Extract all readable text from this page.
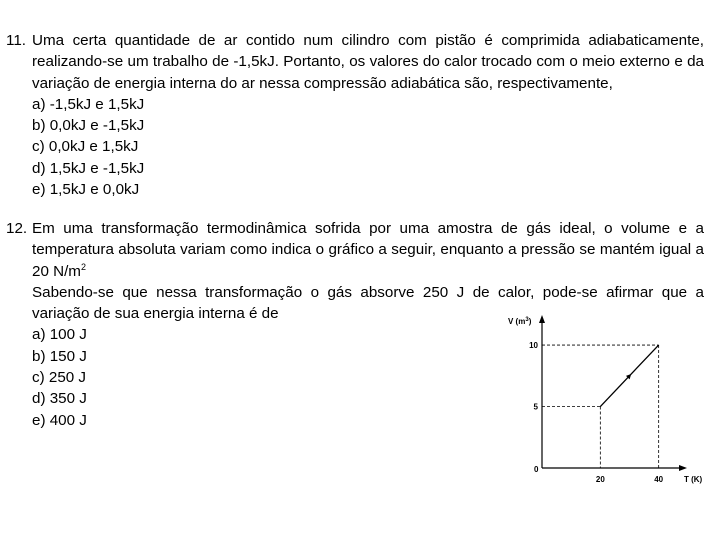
11. Uma certa quantidade de ar contido num cilindro com pistão é comprimida adiabaticamente, realizando-se um trabalho de -1,5kJ. Portanto, os valores do calor trocado com o meio externo e da variação de energia interna do ar nessa compressão adiabática são, respectivamente,
a) -1,5kJ e 1,5kJ
b) 0,0kJ e -1,5kJ
c) 0,0kJ e 1,5kJ
d) 1,5kJ e -1,5kJ
e) 1,5kJ e 0,0kJ
12. Em uma transformação termodinâmica sofrida por uma amostra de gás ideal, o volume e a temperatura absoluta variam como indica o gráfico a seguir, enquanto a pressão se mantém igual a 20 $N/m^2$
Sabendo-se que nessa transformação o gás absorve 250 J de calor, pode-se afirmar que a variação de sua energia interna é de
a) 100 J
b) 150 J
c) 250 J
d) 350 J
e) 400 J
V $(m^3)$
T (K)
0
5
10
20	40
